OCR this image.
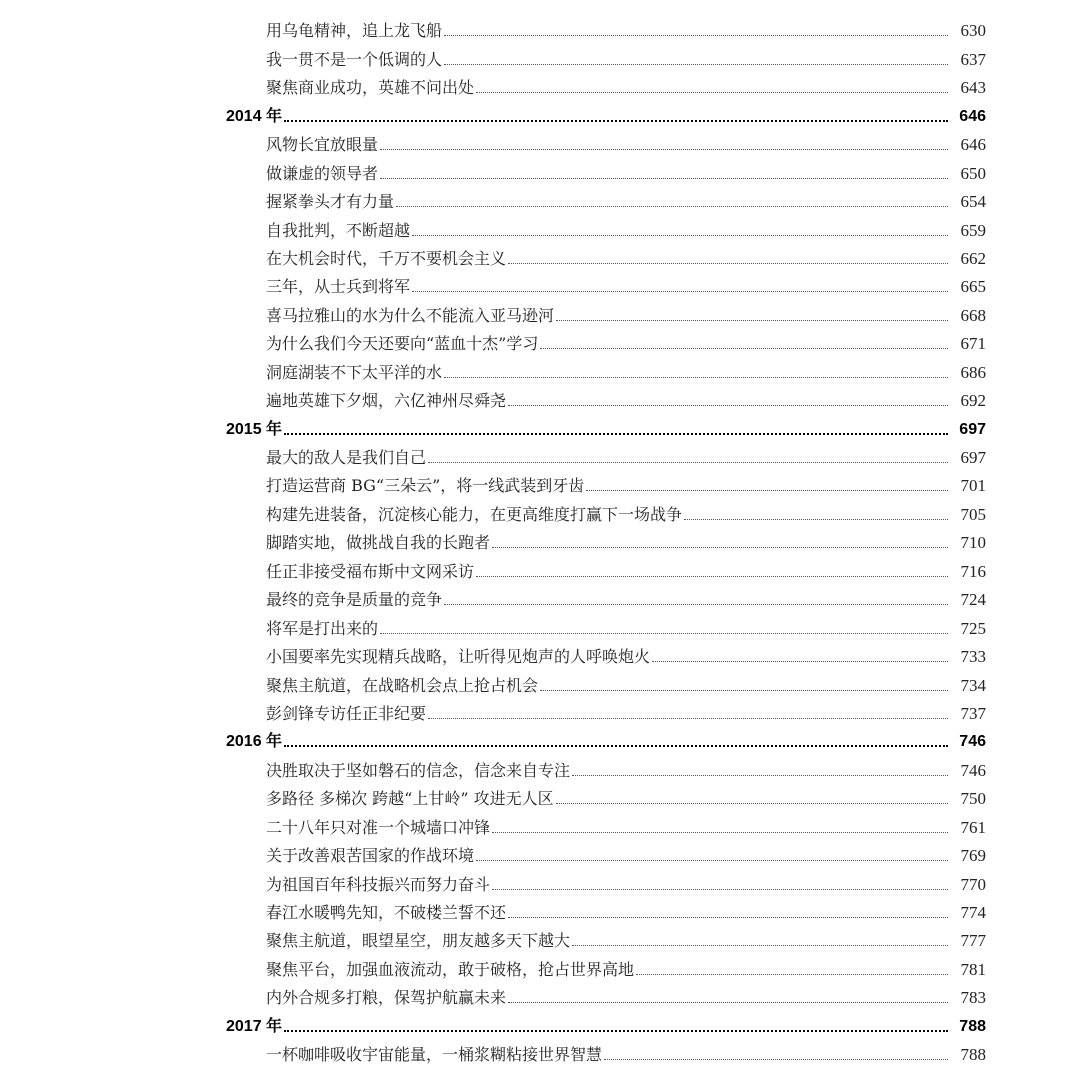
用乌龟精神，追上龙飞船	630
我一贯不是一个低调的人	637
聚焦商业成功，英雄不问出处	643
2014 年	646
风物长宜放眼量	646
做谦虚的领导者	650
握紧拳头才有力量	654
自我批判，不断超越	659
在大机会时代，千万不要机会主义	662
三年，从士兵到将军	665
喜马拉雅山的水为什么不能流入亚马逊河	668
为什么我们今天还要向“蓝血十杰”学习	671
洞庭湖装不下太平洋的水	686
遍地英雄下夕烟，六亿神州尽舜尧	692
2015 年	697
最大的敌人是我们自己	697
打造运营商 BG“三朵云”，将一线武装到牙齿	701
构建先进装备，沉淀核心能力，在更高维度打赢下一场战争	705
脚踏实地，做挑战自我的长跑者	710
任正非接受福布斯中文网采访	716
最终的竞争是质量的竞争	724
将军是打出来的	725
小国要率先实现精兵战略，让听得见炮声的人呼唤炮火	733
聚焦主航道，在战略机会点上抢占机会	734
彭剑锋专访任正非纪要	737
2016 年	746
决胜取决于坚如磐石的信念，信念来自专注	746
多路径 多梯次 跨越“上甘岭” 攻进无人区	750
二十八年只对准一个城墙口冲锋	761
关于改善艰苦国家的作战环境	769
为祖国百年科技振兴而努力奋斗	770
春江水暖鸭先知，不破楼兰誓不还	774
聚焦主航道，眼望星空，朋友越多天下越大	777
聚焦平台，加强血液流动，敢于破格，抢占世界高地	781
内外合规多打粮，保驾护航赢未来	783
2017 年	788
一杯咖啡吸收宇宙能量，一桶浆糊粘接世界智慧	788
